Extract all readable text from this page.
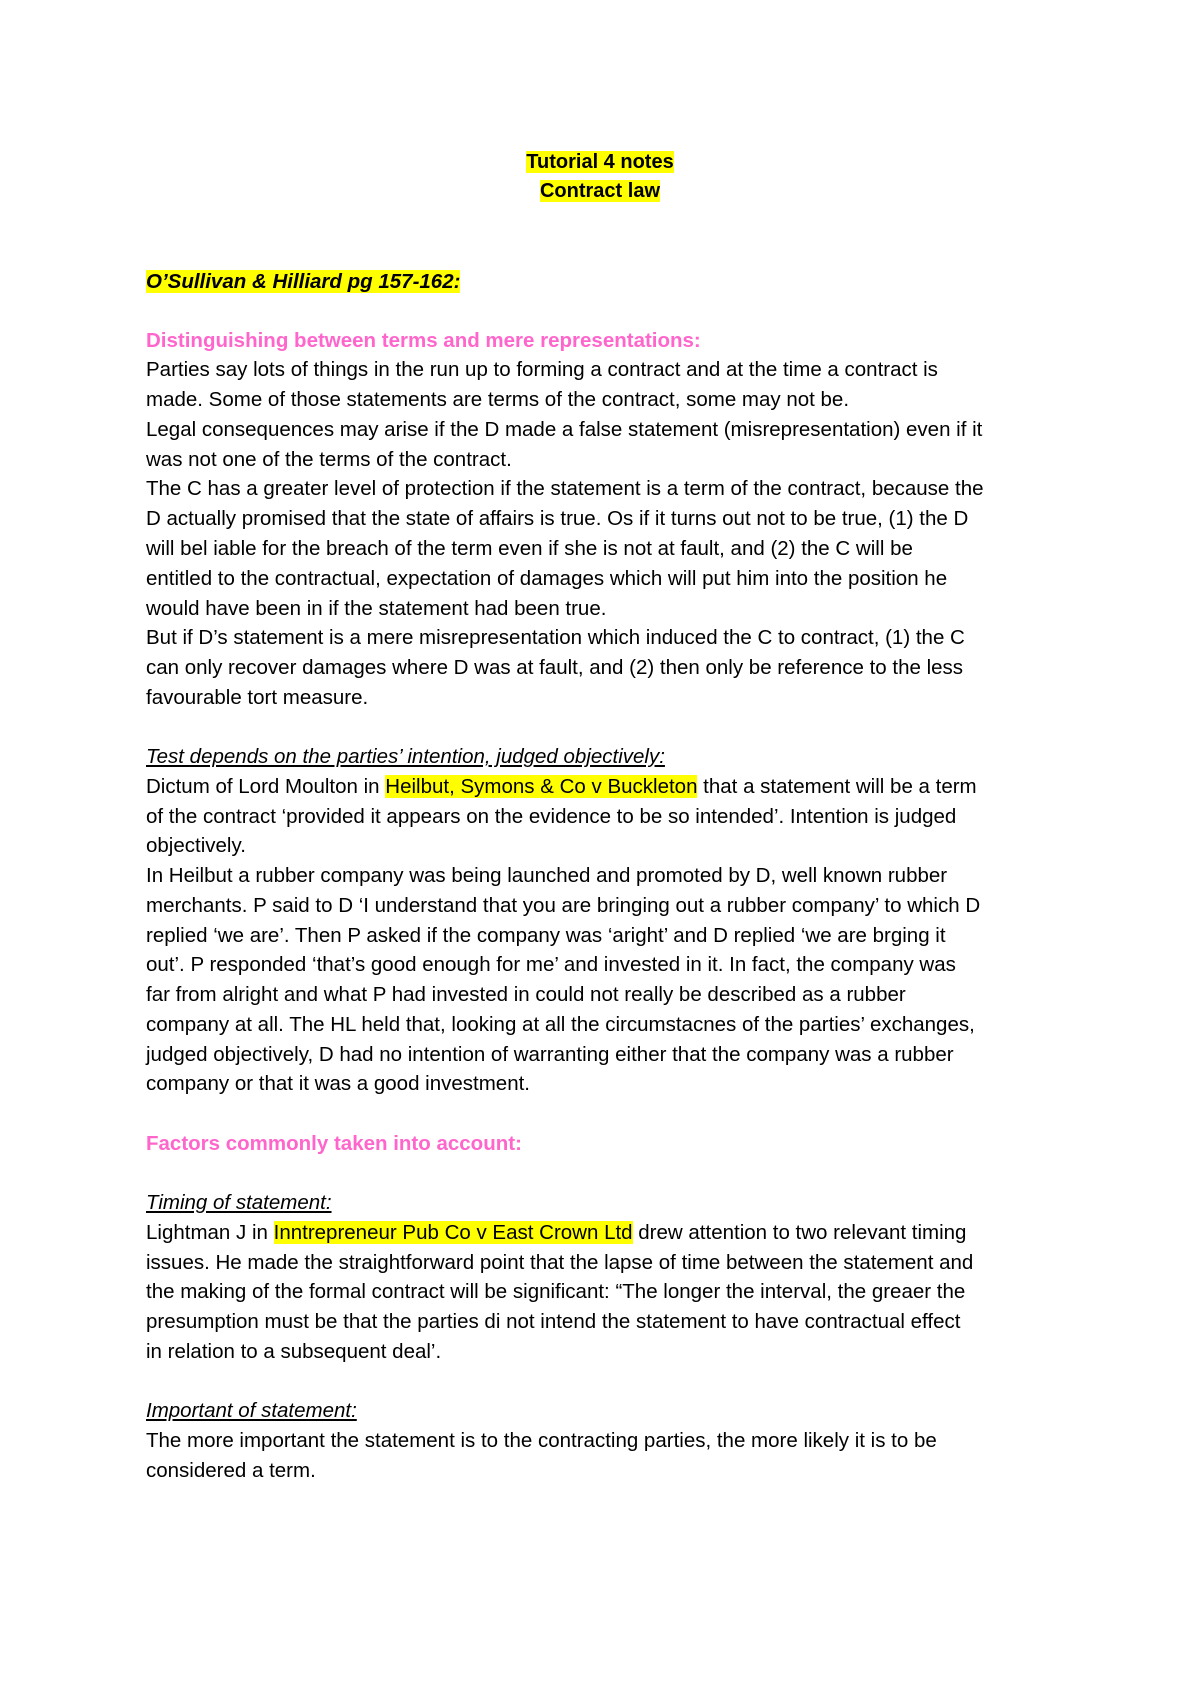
Tutorial 4 notes
Contract law
O’Sullivan & Hilliard pg 157-162:
Distinguishing between terms and mere representations:
Parties say lots of things in the run up to forming a contract and at the time a contract is
made. Some of those statements are terms of the contract, some may not be.
Legal consequences may arise if the D made a false statement (misrepresentation) even if it
was not one of the terms of the contract.
The C has a greater level of protection if the statement is a term of the contract, because the
D actually promised that the state of affairs is true. Os if it turns out not to be true, (1) the D
will bel iable for the breach of the term even if she is not at fault, and (2) the C will be
entitled to the contractual, expectation of damages which will put him into the position he
would have been in if the statement had been true.
But if D’s statement is a mere misrepresentation which induced the C to contract, (1) the C
can only recover damages where D was at fault, and (2) then only be reference to the less
favourable tort measure.
Test depends on the parties’ intention, judged objectively:
Dictum of Lord Moulton in Heilbut, Symons & Co v Buckleton that a statement will be a term
of the contract ‘provided it appears on the evidence to be so intended’. Intention is judged
objectively.
In Heilbut a rubber company was being launched and promoted by D, well known rubber
merchants. P said to D ‘I understand that you are bringing out a rubber company’ to which D
replied ‘we are’. Then P asked if the company was ‘aright’ and D replied ‘we are brging it
out’. P responded ‘that’s good enough for me’ and invested in it. In fact, the company was
far from alright and what P had invested in could not really be described as a rubber
company at all. The HL held that, looking at all the circumstacnes of the parties’ exchanges,
judged objectively, D had no intention of warranting either that the company was a rubber
company or that it was a good investment.
Factors commonly taken into account:
Timing of statement:
Lightman J in Inntrepreneur Pub Co v East Crown Ltd drew attention to two relevant timing
issues. He made the straightforward point that the lapse of time between the statement and
the making of the formal contract will be significant: “The longer the interval, the greaer the
presumption must be that the parties di not intend the statement to have contractual effect
in relation to a subsequent deal’.
Important of statement:
The more important the statement is to the contracting parties, the more likely it is to be
considered a term.
